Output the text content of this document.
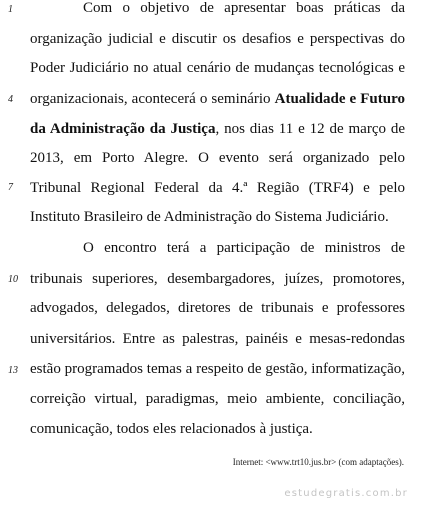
1
4
7
10
13
Com o objetivo de apresentar boas práticas da
organização judicial e discutir os desafios e perspectivas do
Poder Judiciário no atual cenário de mudanças tecnológicas e
organizacionais, acontecerá o seminário Atualidade e Futuro
da Administração da Justiça, nos dias 11 e 12 de março de
2013, em Porto Alegre. O evento será organizado pelo
Tribunal Regional Federal da 4.ª Região (TRF4) e pelo
Instituto Brasileiro de Administração do Sistema Judiciário.
O encontro terá a participação de ministros de
tribunais superiores, desembargadores, juízes, promotores,
advogados, delegados, diretores de tribunais e professores
universitários. Entre as palestras, painéis e mesas-redondas
estão programados temas a respeito de gestão, informatização,
correição virtual, paradigmas, meio ambiente, conciliação,
comunicação, todos eles relacionados à justiça.
Internet: <www.trt10.jus.br> (com adaptações).
estudegratis.com.br
